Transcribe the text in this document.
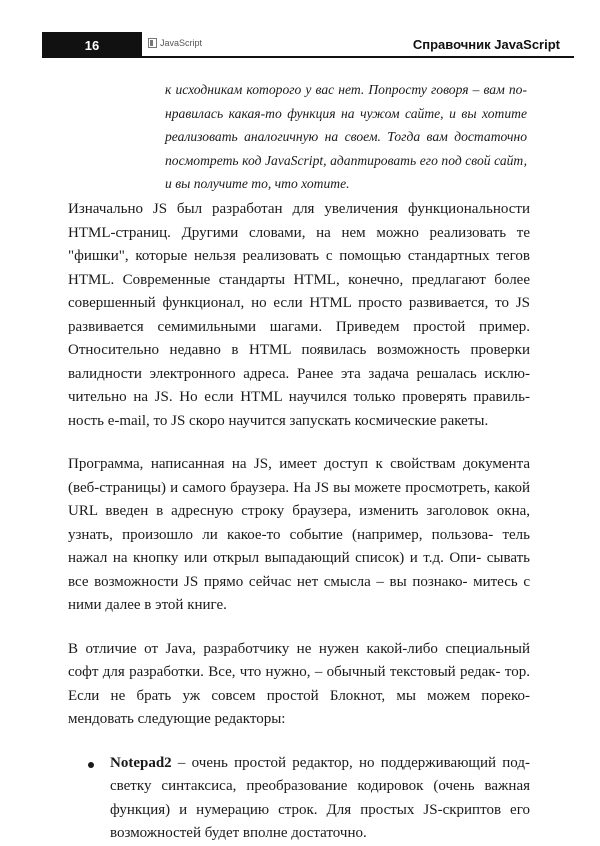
16	JavaScript	Справочник JavaScript

к исходникам которого у вас нет. Попросту говоря – вам по- нравилась какая-то функция на чужом сайте, и вы хотите реализовать аналогичную на своем. Тогда вам достаточно посмотреть код JavaScript, адаптировать его под свой сайт, и вы получите то, что хотите.

Изначально JS был разработан для увеличения функциональности HTML-страниц. Другими словами, на нем можно реализовать те "фишки", которые нельзя реализовать с помощью стандартных тегов HTML. Современные стандарты HTML, конечно, предлагают более совершенный функционал, но если HTML просто развивается, то JS развивается семимильными шагами. Приведем простой пример. Относительно недавно в HTML появилась возможность проверки валидности электронного адреса. Ранее эта задача решалась исклю- чительно на JS. Но если HTML научился только проверять правиль- ность e-mail, то JS скоро научится запускать космические ракеты.

Программа, написанная на JS, имеет доступ к свойствам документа (веб-страницы) и самого браузера. На JS вы можете просмотреть, какой URL введен в адресную строку браузера, изменить заголовок окна, узнать, произошло ли какое-то событие (например, пользова- тель нажал на кнопку или открыл выпадающий список) и т.д. Опи- сывать все возможности JS прямо сейчас нет смысла – вы познако- митесь с ними далее в этой книге.

В отличие от Java, разработчику не нужен какой-либо специальный софт для разработки. Все, что нужно, – обычный текстовый редак- тор. Если не брать уж совсем простой Блокнот, мы можем порeко- мендовать следующие редакторы:

Notepad2 – очень простой редактор, но поддерживающий под- светку синтаксиса, преобразование кодировок (очень важная функция) и нумерацию строк. Для простых JS-скриптов его возможностей будет вполне достаточно.
